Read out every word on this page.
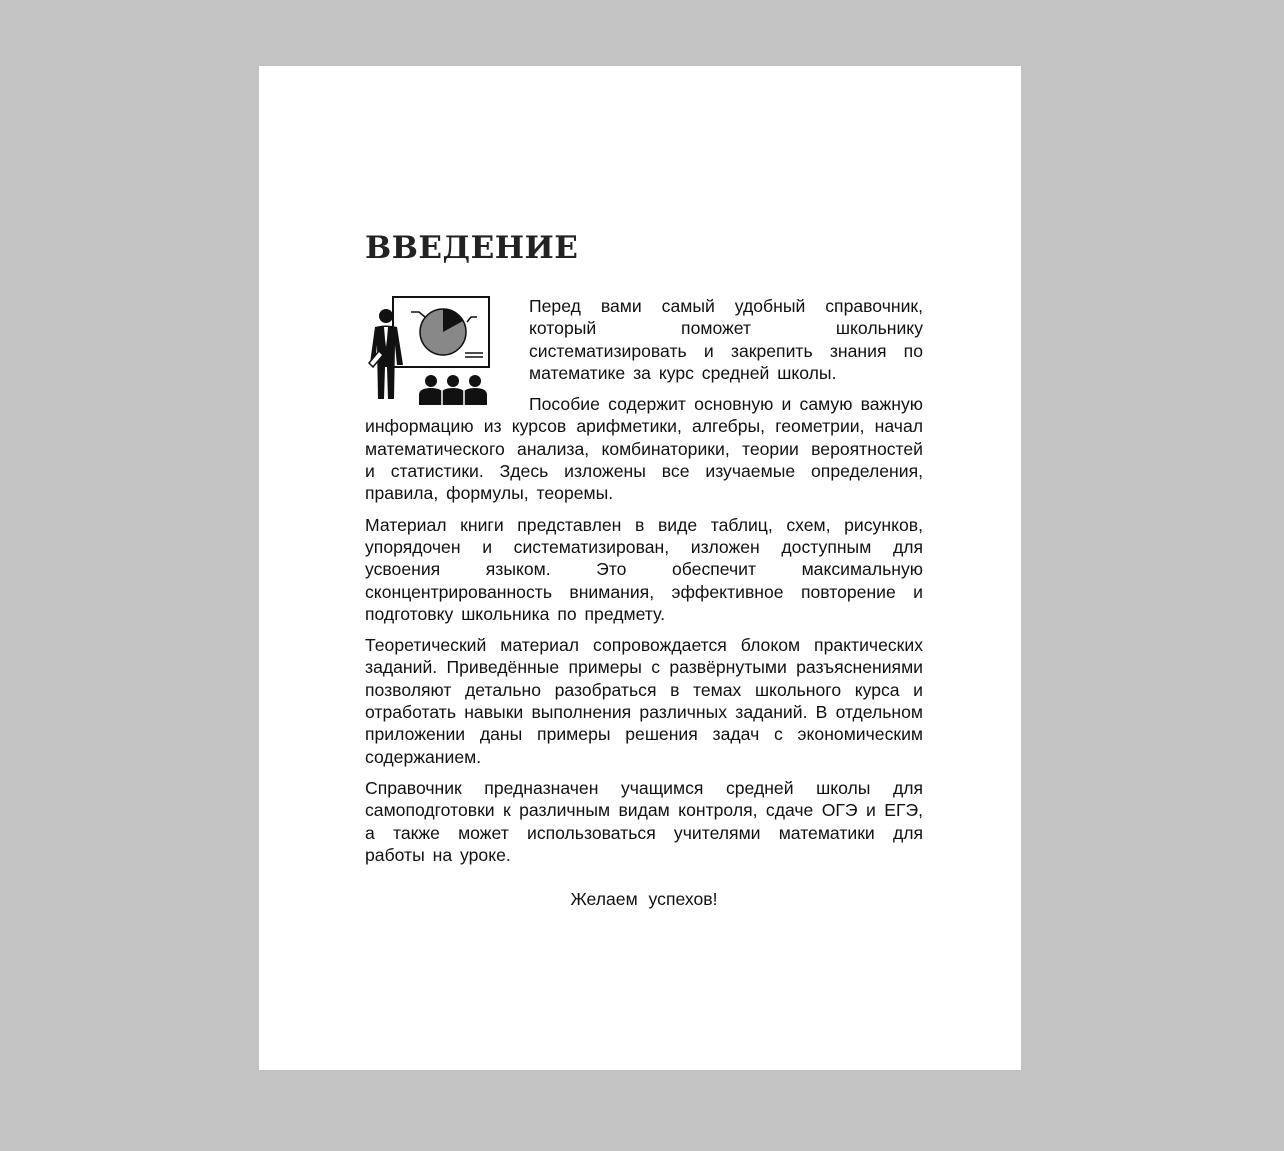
ВВЕДЕНИЕ

Перед вами самый удобный справочник, который поможет школьнику систематизировать и закрепить знания по математике за курс средней школы.

Пособие содержит основную и самую важную информацию из курсов арифметики, алгебры, геометрии, начал математического анализа, комбинаторики, теории вероятностей и статистики. Здесь изложены все изучаемые определения, правила, формулы, теоремы.

Материал книги представлен в виде таблиц, схем, рисунков, упорядочен и систематизирован, изложен доступным для усвоения языком. Это обеспечит максимальную сконцентрированность внимания, эффективное повторение и подготовку школьника по предмету.

Теоретический материал сопровождается блоком практических заданий. Приведённые примеры с развёрнутыми разъяснениями позволяют детально разобраться в темах школьного курса и отработать навыки выполнения различных заданий. В отдельном приложении даны примеры решения задач с экономическим содержанием.

Справочник предназначен учащимся средней школы для самоподготовки к различным видам контроля, сдаче ОГЭ и ЕГЭ, а также может использоваться учителями математики для работы на уроке.

Желаем успехов!
